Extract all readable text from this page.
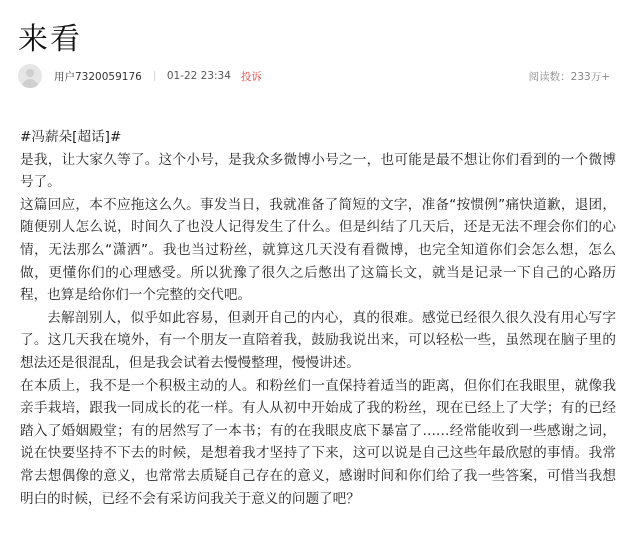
来看
用户7320059176 01-22 23:34 投诉	阅读数：233万+

#冯薪朵[超话]#

是我，让大家久等了。这个小号，是我众多微博小号之一，也可能是最不想让你们看到的一个微博号了。

这篇回应，本不应拖这么久。事发当日，我就准备了简短的文字，准备“按惯例”痛快道歉，退团，随便别人怎么说，时间久了也没人记得发生了什么。但是纠结了几天后，还是无法不理会你们的心情，无法那么“潇洒”。我也当过粉丝，就算这几天没有看微博，也完全知道你们会怎么想，怎么做，更懂你们的心理感受。所以犹豫了很久之后憋出了这篇长文，就当是记录一下自己的心路历程，也算是给你们一个完整的交代吧。

去解剖别人，似乎如此容易，但剥开自己的内心，真的很难。感觉已经很久很久没有用心写字了。这几天我在境外，有一个朋友一直陪着我，鼓励我说出来，可以轻松一些，虽然现在脑子里的想法还是很混乱，但是我会试着去慢慢整理，慢慢讲述。

在本质上，我不是一个积极主动的人。和粉丝们一直保持着适当的距离，但你们在我眼里，就像我亲手栽培，跟我一同成长的花一样。有人从初中开始成了我的粉丝，现在已经上了大学；有的已经踏入了婚姻殿堂；有的居然写了一本书；有的在我眼皮底下暴富了……经常能收到一些感谢之词，说在快要坚持不下去的时候，是想着我才坚持了下来，这可以说是自己这些年最欣慰的事情。我常常去想偶像的意义，也常常去质疑自己存在的意义，感谢时间和你们给了我一些答案，可惜当我想明白的时候，已经不会有采访问我关于意义的问题了吧？
